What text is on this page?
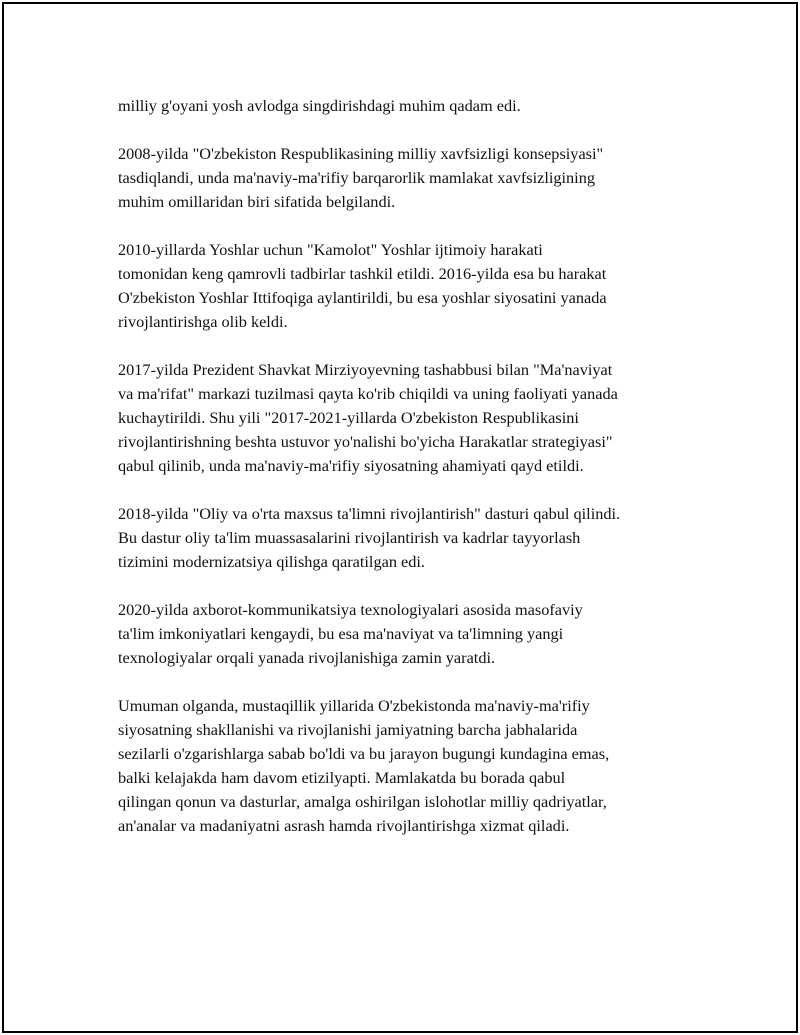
milliy g'oyani yosh avlodga singdirishdagi muhim qadam edi.

2008-yilda "O'zbekiston Respublikasining milliy xavfsizligi konsepsiyasi"
tasdiqlandi, unda ma'naviy-ma'rifiy barqarorlik mamlakat xavfsizligining
muhim omillaridan biri sifatida belgilandi.

2010-yillarda Yoshlar uchun "Kamolot" Yoshlar ijtimoiy harakati
tomonidan keng qamrovli tadbirlar tashkil etildi. 2016-yilda esa bu harakat
O'zbekiston Yoshlar Ittifoqiga aylantirildi, bu esa yoshlar siyosatini yanada
rivojlantirishga olib keldi.

2017-yilda Prezident Shavkat Mirziyoyevning tashabbusi bilan "Ma'naviyat
va ma'rifat" markazi tuzilmasi qayta ko'rib chiqildi va uning faoliyati yanada
kuchaytirildi. Shu yili "2017-2021-yillarda O'zbekiston Respublikasini
rivojlantirishning beshta ustuvor yo'nalishi bo'yicha Harakatlar strategiyasi"
qabul qilinib, unda ma'naviy-ma'rifiy siyosatning ahamiyati qayd etildi.

2018-yilda "Oliy va o'rta maxsus ta'limni rivojlantirish" dasturi qabul qilindi.
Bu dastur oliy ta'lim muassasalarini rivojlantirish va kadrlar tayyorlash
tizimini modernizatsiya qilishga qaratilgan edi.

2020-yilda axborot-kommunikatsiya texnologiyalari asosida masofaviy
ta'lim imkoniyatlari kengaydi, bu esa ma'naviyat va ta'limning yangi
texnologiyalar orqali yanada rivojlanishiga zamin yaratdi.

Umuman olganda, mustaqillik yillarida O'zbekistonda ma'naviy-ma'rifiy
siyosatning shakllanishi va rivojlanishi jamiyatning barcha jabhalarida
sezilarli o'zgarishlarga sabab bo'ldi va bu jarayon bugungi kundagina emas,
balki kelajakda ham davom etizilyapti. Mamlakatda bu borada qabul
qilingan qonun va dasturlar, amalga oshirilgan islohotlar milliy qadriyatlar,
an'analar va madaniyatni asrash hamda rivojlantirishga xizmat qiladi.
